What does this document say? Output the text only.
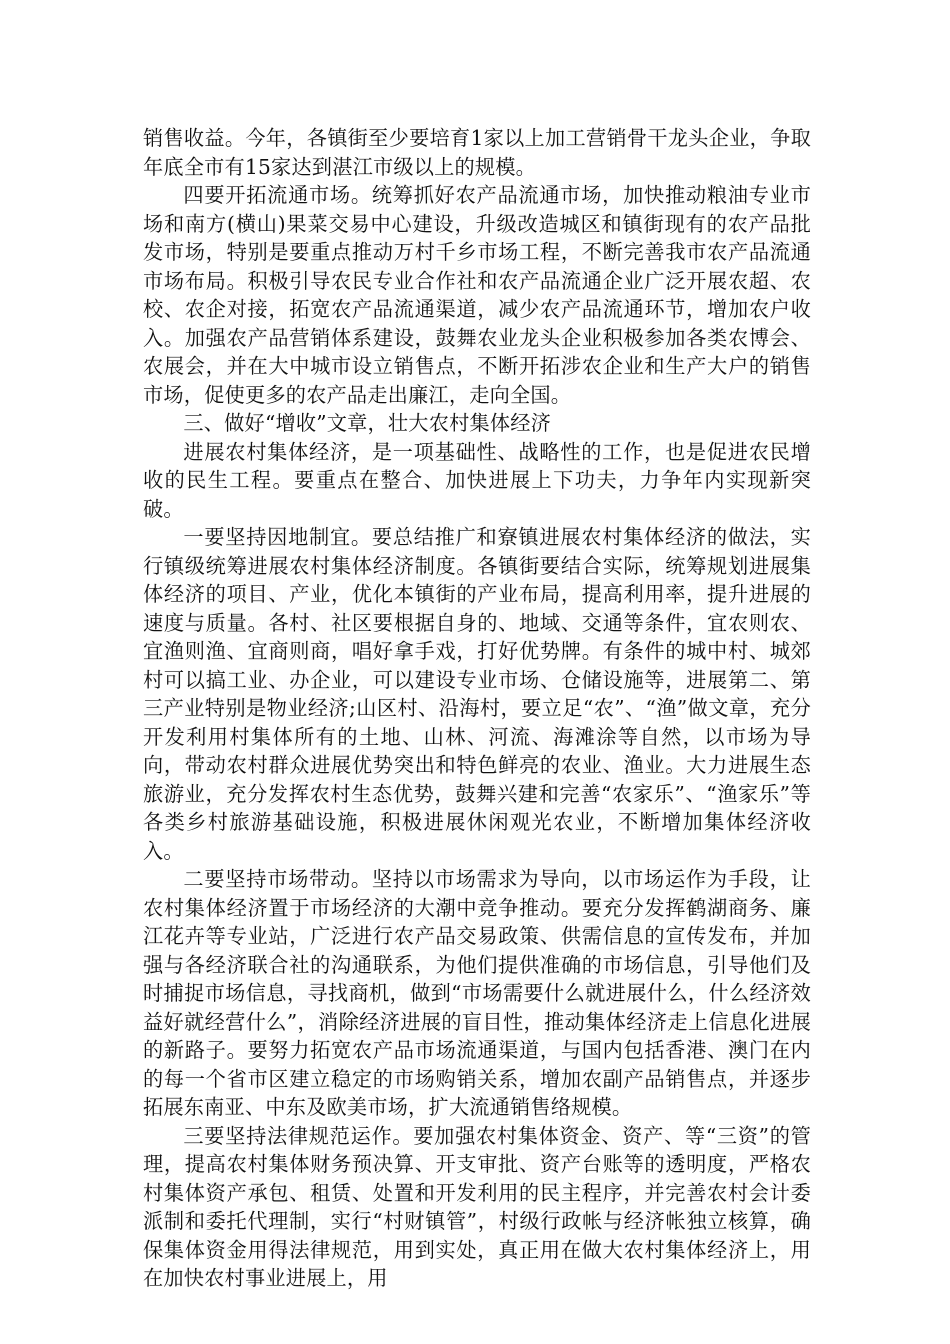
销售收益。今年，各镇街至少要培育1家以上加工营销骨干龙头企业，争取年底全市有15家达到湛江市级以上的规模。

四要开拓流通市场。统筹抓好农产品流通市场，加快推动粮油专业市场和南方(横山)果菜交易中心建设，升级改造城区和镇街现有的农产品批发市场，特别是要重点推动万村千乡市场工程，不断完善我市农产品流通市场布局。积极引导农民专业合作社和农产品流通企业广泛开展农超、农校、农企对接，拓宽农产品流通渠道，减少农产品流通环节，增加农户收入。加强农产品营销体系建设，鼓舞农业龙头企业积极参加各类农博会、农展会，并在大中城市设立销售点，不断开拓涉农企业和生产大户的销售市场，促使更多的农产品走出廉江，走向全国。

三、做好“增收”文章，壮大农村集体经济

进展农村集体经济，是一项基础性、战略性的工作，也是促进农民增收的民生工程。要重点在整合、加快进展上下功夫，力争年内实现新突破。

一要坚持因地制宜。要总结推广和寮镇进展农村集体经济的做法，实行镇级统筹进展农村集体经济制度。各镇街要结合实际，统筹规划进展集体经济的项目、产业，优化本镇街的产业布局，提高利用率，提升进展的速度与质量。各村、社区要根据自身的、地域、交通等条件，宜农则农、宜渔则渔、宜商则商，唱好拿手戏，打好优势牌。有条件的城中村、城郊村可以搞工业、办企业，可以建设专业市场、仓储设施等，进展第二、第三产业特别是物业经济;山区村、沿海村，要立足“农”、“渔”做文章，充分开发利用村集体所有的土地、山林、河流、海滩涂等自然，以市场为导向，带动农村群众进展优势突出和特色鲜亮的农业、渔业。大力进展生态旅游业，充分发挥农村生态优势，鼓舞兴建和完善“农家乐”、“渔家乐”等各类乡村旅游基础设施，积极进展休闲观光农业，不断增加集体经济收入。

二要坚持市场带动。坚持以市场需求为导向，以市场运作为手段，让农村集体经济置于市场经济的大潮中竞争推动。要充分发挥鹤湖商务、廉江花卉等专业站，广泛进行农产品交易政策、供需信息的宣传发布，并加强与各经济联合社的沟通联系，为他们提供准确的市场信息，引导他们及时捕捉市场信息，寻找商机，做到“市场需要什么就进展什么，什么经济效益好就经营什么”，消除经济进展的盲目性，推动集体经济走上信息化进展的新路子。要努力拓宽农产品市场流通渠道，与国内包括香港、澳门在内的每一个省市区建立稳定的市场购销关系，增加农副产品销售点，并逐步拓展东南亚、中东及欧美市场，扩大流通销售络规模。

三要坚持法律规范运作。要加强农村集体资金、资产、等“三资”的管理，提高农村集体财务预决算、开支审批、资产台账等的透明度，严格农村集体资产承包、租赁、处置和开发利用的民主程序，并完善农村会计委派制和委托代理制，实行“村财镇管”，村级行政帐与经济帐独立核算，确保集体资金用得法律规范，用到实处，真正用在做大农村集体经济上，用在加快农村事业进展上，用
